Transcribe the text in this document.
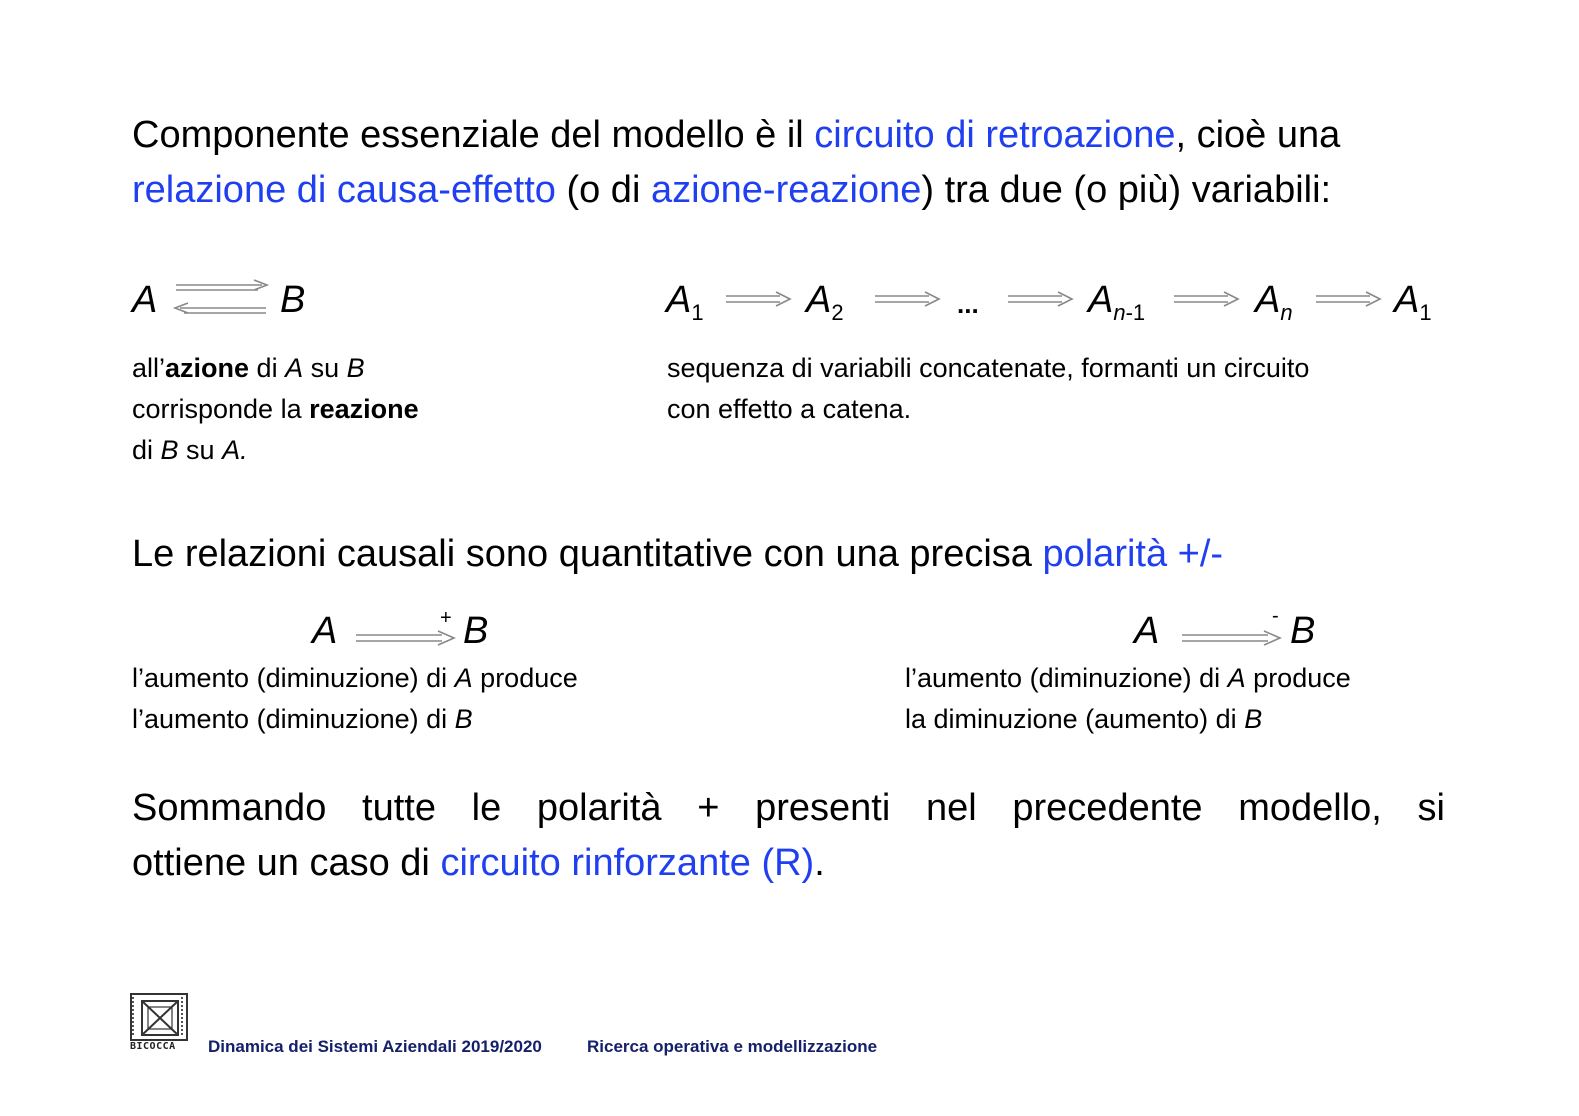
Componente essenziale del modello è il circuito di retroazione, cioè una
relazione di causa-effetto (o di azione-reazione) tra due (o più) variabili:
A	B
all’azione di A su B
corrisponde la reazione
di B su A.
$A_1$	$A_2$	...	$A_{n-1}$	$A_n$	$A_1$
sequenza di variabili concatenate, formanti un circuito
con effetto a catena.
Le relazioni causali sono quantitative con una precisa polarità +/-
A	+ B
l’aumento (diminuzione) di A produce
l’aumento (diminuzione) di B
A	- B
l’aumento (diminuzione) di A produce
la diminuzione (aumento) di B
Sommando tutte le polarità + presenti nel precedente modello, si
ottiene un caso di circuito rinforzante (R).
BICOCCA	Dinamica dei Sistemi Aziendali 2019/2020	Ricerca operativa e modellizzazione
